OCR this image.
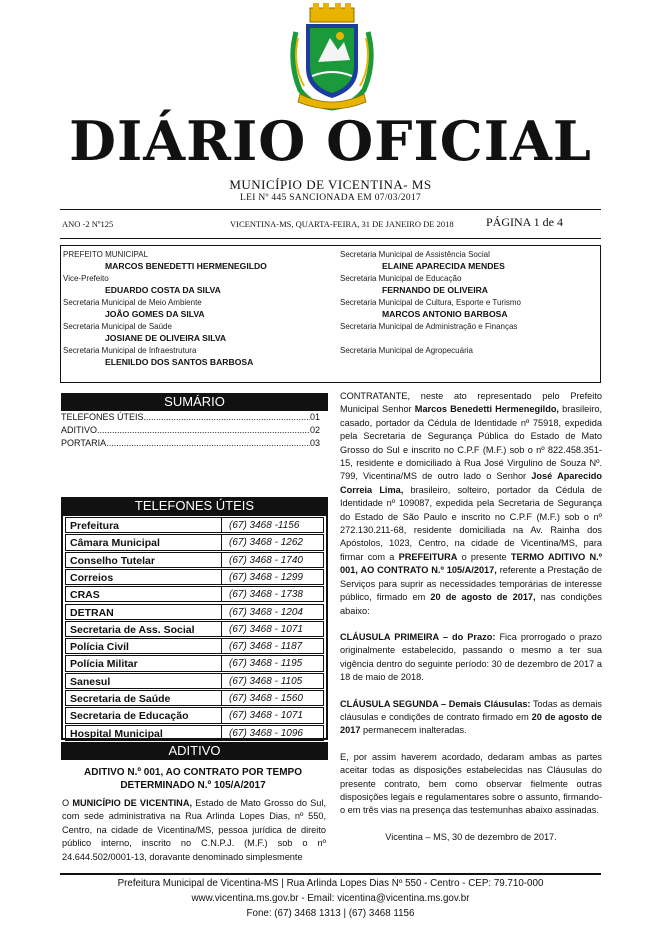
DIÁRIO OFICIAL
MUNICÍPIO DE VICENTINA- MS
LEI Nº 445 SANCIONADA EM 07/03/2017
ANO -2 Nº125	VICENTINA-MS, QUARTA-FEIRA, 31 DE JANEIRO DE 2018	PÁGINA 1 de 4
PREFEITO MUNICIPAL
MARCOS BENEDETTI HERMENEGILDO
Vice-Prefeito
EDUARDO COSTA DA SILVA
Secretaria Municipal de Meio Ambiente
JOÃO GOMES DA SILVA
Secretaria Municipal de Saúde
JOSIANE DE OLIVEIRA SILVA
Secretaria Municipal de Infraestrutura
ELENILDO DOS SANTOS BARBOSA
Secretaria Municipal de Assistência Social
ELAINE APARECIDA MENDES
Secretaria Municipal de Educação
FERNANDO DE OLIVEIRA
Secretaria Municipal de Cultura, Esporte e Turismo
MARCOS ANTONIO BARBOSA
Secretaria Municipal de Administração e Finanças
Secretaria Municipal de Agropecuária
SUMÁRIO
TELEFONES ÚTEIS .....	01
ADITIVO .....	02
PORTARIA .....	03
TELEFONES ÚTEIS
Prefeitura	(67) 3468 -1156
Câmara Municipal	(67) 3468 - 1262
Conselho Tutelar	(67) 3468 - 1740
Correios	(67) 3468 - 1299
CRAS	(67) 3468 - 1738
DETRAN	(67) 3468 - 1204
Secretaria de Ass. Social	(67) 3468 - 1071
Polícia Civil	(67) 3468 - 1187
Polícia Militar	(67) 3468 - 1195
Sanesul	(67) 3468 - 1105
Secretaria de Saúde	(67) 3468 - 1560
Secretaria de Educação	(67) 3468 - 1071
Hospital Municipal	(67) 3468 - 1096
ADITIVO
ADITIVO N.º 001, AO CONTRATO POR TEMPO DETERMINADO N.º 105/A/2017
O MUNICÍPIO DE VICENTINA, Estado de Mato Grosso do Sul, com sede administrativa na Rua Arlinda Lopes Dias, nº 550, Centro, na cidade de Vicentina/MS, pessoa jurídica de direito público interno, inscrito no C.N.P.J. (M.F.) sob o nº 24.644.502/0001-13, doravante denominado simplesmente
CONTRATANTE, neste ato representado pelo Prefeito Municipal Senhor Marcos Benedetti Hermenegildo, brasileiro, casado, portador da Cédula de Identidade nº 75918, expedida pela Secretaria de Segurança Pública do Estado de Mato Grosso do Sul e inscrito no C.P.F (M.F.) sob o nº 822.458.351-15, residente e domiciliado à Rua José Virgulino de Souza Nº. 799, Vicentina/MS de outro lado o Senhor José Aparecido Correia Lima, brasileiro, solteiro, portador da Cédula de Identidade nº 109087, expedida pela Secretaria de Segurança do Estado de São Paulo e inscrito no C.P.F (M.F.) sob o nº 272.130.211-68, residente domiciliada na Av. Rainha dos Apóstolos, 1023, Centro, na cidade de Vicentina/MS, para firmar com a PREFEITURA o presente TERMO ADITIVO N.º 001, AO CONTRATO N.º 105/A/2017, referente a Prestação de Serviços para suprir as necessidades temporárias de interesse público, firmado em 20 de agosto de 2017, nas condições abaixo:
CLÁUSULA PRIMEIRA – do Prazo: Fica prorrogado o prazo originalmente estabelecido, passando o mesmo a ter sua vigência dentro do seguinte período: 30 de dezembro de 2017 a 18 de maio de 2018.
CLÁUSULA SEGUNDA – Demais Cláusulas: Todas as demais cláusulas e condições de contrato firmado em 20 de agosto de 2017 permanecem inalteradas.
E, por assim haverem acordado, dedaram ambas as partes aceitar todas as disposições estabelecidas nas Cláusulas do presente contrato, bem como observar fielmente outras disposições legais e regulamentares sobre o assunto, firmando-o em três vias na presença das testemunhas abaixo assinadas.
Vicentina – MS, 30 de dezembro de 2017.
Prefeitura Municipal de Vicentina-MS | Rua Arlinda Lopes Dias Nº 550 - Centro - CEP: 79.710-000
www.vicentina.ms.gov.br - Email: vicentina@vicentina.ms.gov.br
Fone: (67) 3468 1313 | (67) 3468 1156
